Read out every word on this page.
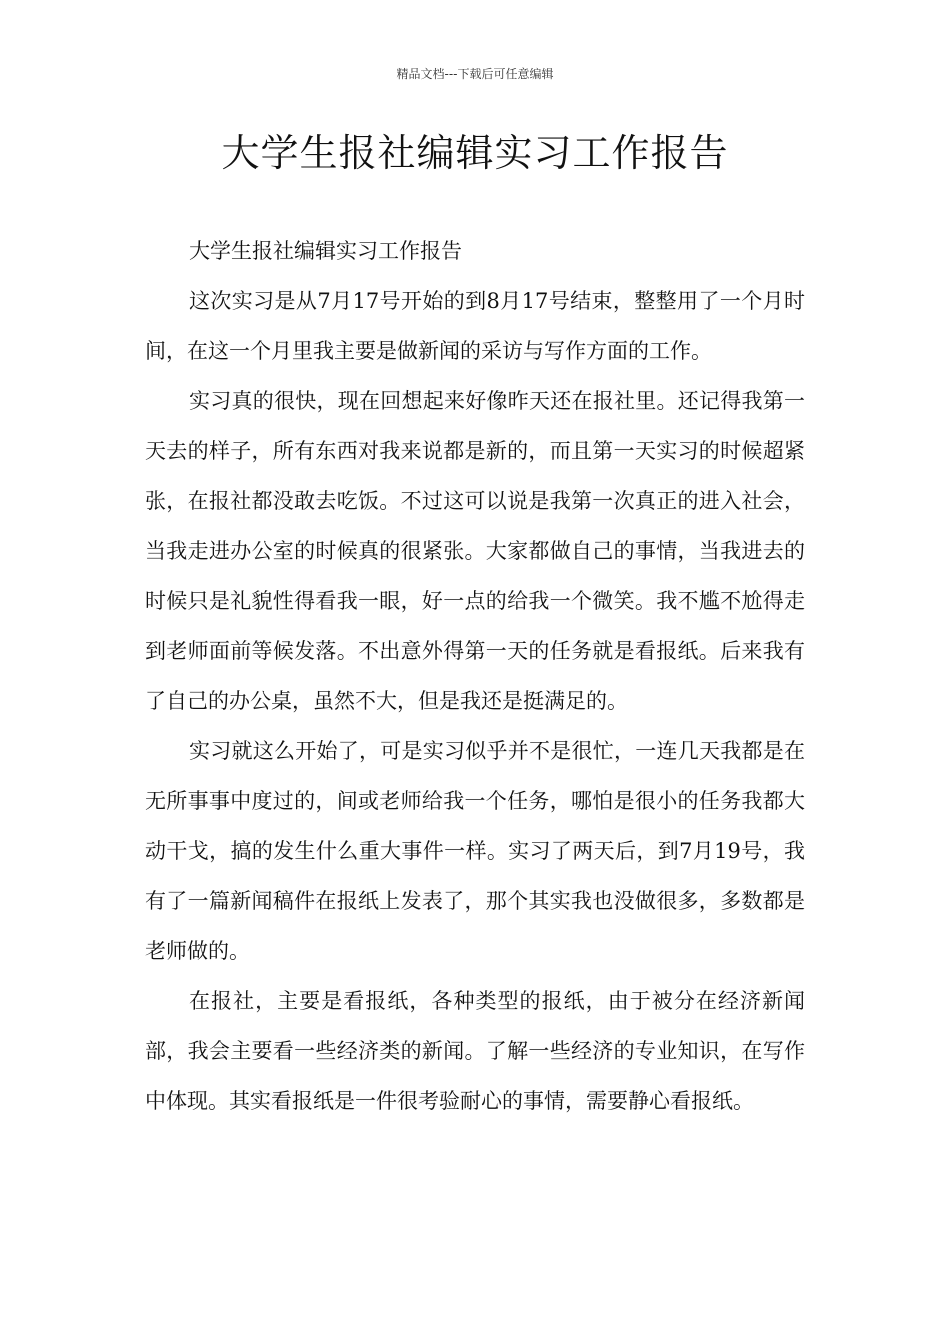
精品文档---下载后可任意编辑
大学生报社编辑实习工作报告

大学生报社编辑实习工作报告

这次实习是从7月17号开始的到8月17号结束，整整用了一个月时间，在这一个月里我主要是做新闻的采访与写作方面的工作。

实习真的很快，现在回想起来好像昨天还在报社里。还记得我第一天去的样子，所有东西对我来说都是新的，而且第一天实习的时候超紧张，在报社都没敢去吃饭。不过这可以说是我第一次真正的进入社会，当我走进办公室的时候真的很紧张。大家都做自己的事情，当我进去的时候只是礼貌性得看我一眼，好一点的给我一个微笑。我不尴不尬得走到老师面前等候发落。不出意外得第一天的任务就是看报纸。后来我有了自己的办公桌，虽然不大，但是我还是挺满足的。

实习就这么开始了，可是实习似乎并不是很忙，一连几天我都是在无所事事中度过的，间或老师给我一个任务，哪怕是很小的任务我都大动干戈，搞的发生什么重大事件一样。实习了两天后，到7月19号，我有了一篇新闻稿件在报纸上发表了，那个其实我也没做很多，多数都是老师做的。

在报社，主要是看报纸，各种类型的报纸，由于被分在经济新闻部，我会主要看一些经济类的新闻。了解一些经济的专业知识，在写作中体现。其实看报纸是一件很考验耐心的事情，需要静心看报纸。
